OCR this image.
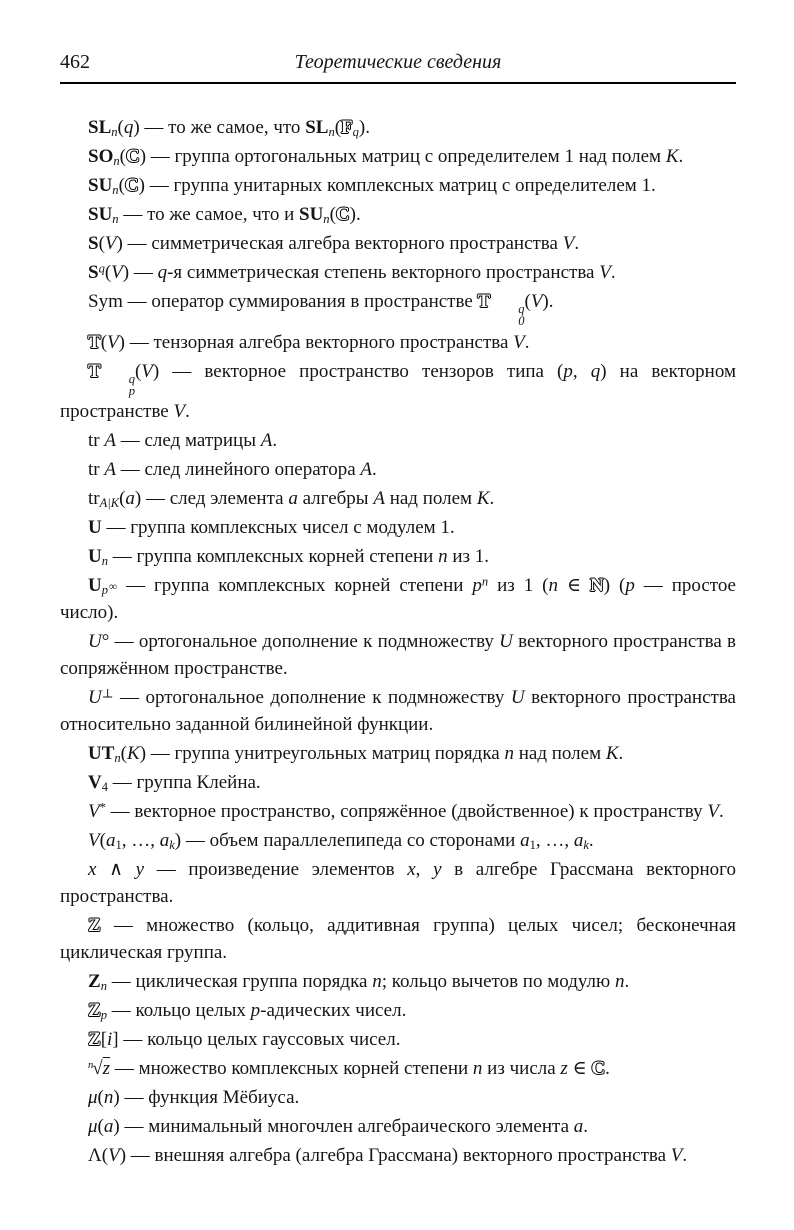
462	Теоретические сведения

$SL_n(q)$ — то же самое, что $SL_n(F_q)$.

$SO_n(C)$ — группа ортогональных матриц с определителем 1 над полем K.

$SU_n(C)$ — группа унитарных комплексных матриц с определителем 1.

$SU_n$ — то же самое, что и $SU_n(C)$.

S(V) — симметрическая алгебра векторного пространства V.

$S^q(V)$ — q-я симметрическая степень векторного пространства V.

Sym — оператор суммирования в пространстве T	q
0
(V).

T(V) — тензорная алгебра векторного пространства V.

T	q
p
(V) — векторное пространство тензоров типа (p, q) на векторном пространстве V.

tr A — след матрицы A.

tr A — след линейного оператора A.

$tr_{A|K}(a)$ — след элемента a алгебры A над полем K.

U — группа комплексных чисел с модулем 1.

$U_n$ — группа комплексных корней степени n из 1.

$U_p\infty$ — группа комплексных корней степени $p^n$ из 1 (n ∈ N) (p — простое число).

U° — ортогональное дополнение к подмножеству U векторного пространства в сопряжённом пространстве.

U⊥ — ортогональное дополнение к подмножеству U векторного пространства относительно заданной билинейной функции.

$UT_n(K)$ — группа унитреугольных матриц порядка n над полем K.

$V_4$ — группа Клейна.

V* — векторное пространство, сопряжённое (двойственное) к пространству V.

$V(a_1$, …, $a_k$) — объем параллелепипеда со сторонами $a_1$, …, $a_k$.

x ∧ y — произведение элементов x, y в алгебре Грассмана векторного пространства.

Z — множество (кольцо, аддитивная группа) целых чисел; бесконечная циклическая группа.

$Z_n$ — циклическая группа порядка n; кольцо вычетов по модулю n.

$Z_p$ — кольцо целых p-адических чисел.

Z[i] — кольцо целых гауссовых чисел.

$^n$√z — множество комплексных корней степени n из числа z ∈ C.

μ(n) — функция Мёбиуса.

μ(a) — минимальный многочлен алгебраического элемента a.

Λ(V) — внешняя алгебра (алгебра Грассмана) векторного пространства V.
